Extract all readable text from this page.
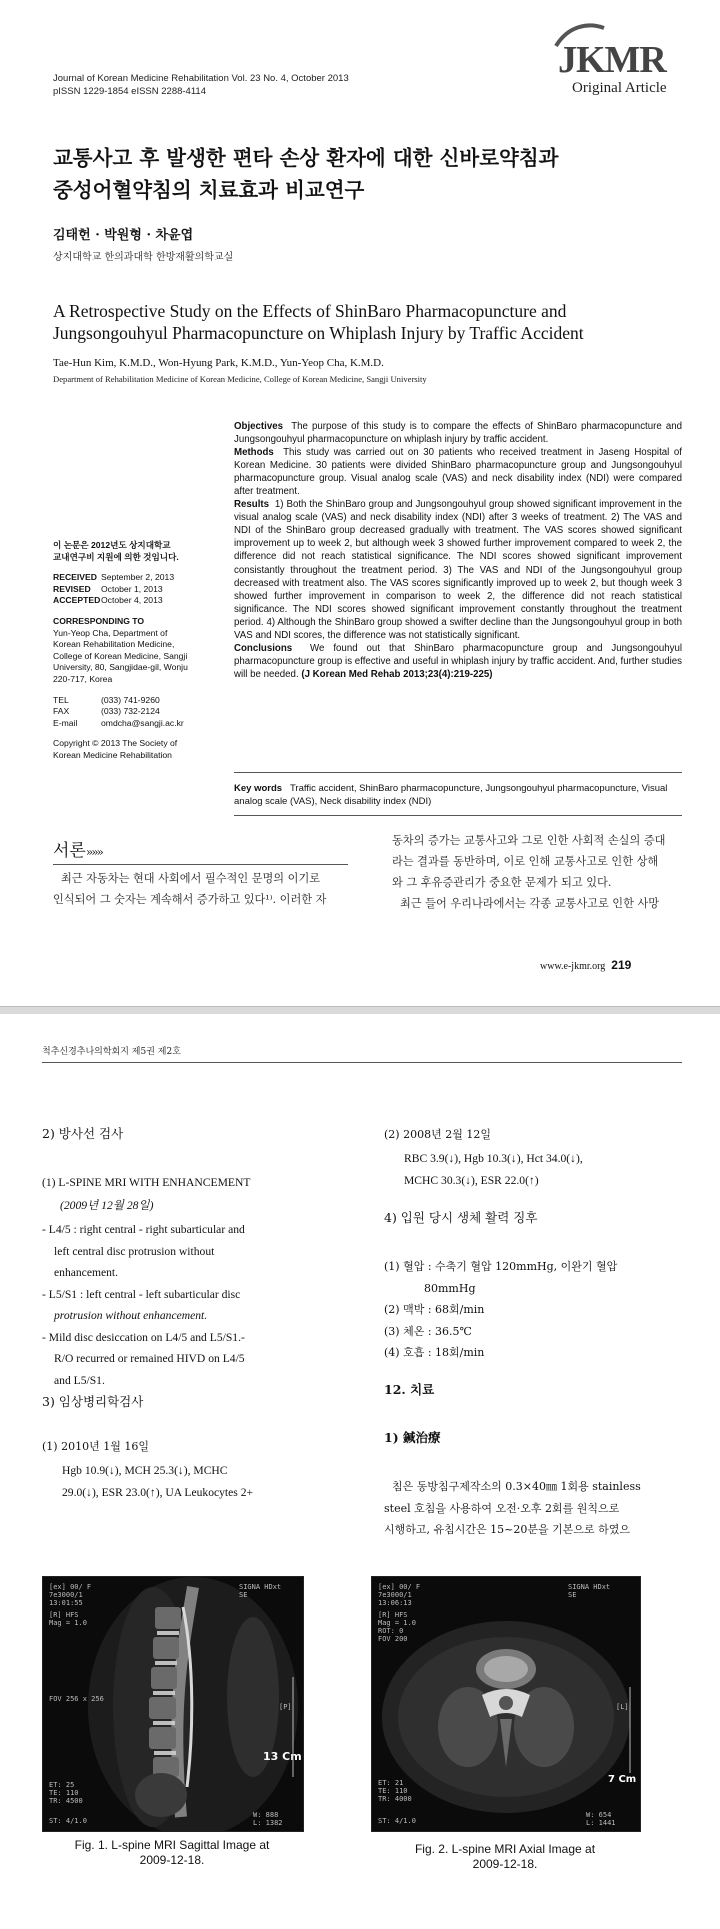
Journal of Korean Medicine Rehabilitation Vol. 23 No. 4, October 2013
pISSN 1229-1854 eISSN 2288-4114
JKMR
Original Article
교통사고 후 발생한 편타 손상 환자에 대한 신바로약침과
중성어혈약침의 치료효과 비교연구
김태헌 · 박원형 · 차윤엽
상지대학교 한의과대학 한방재활의학교실
A Retrospective Study on the Effects of ShinBaro Pharmacopuncture and
Jungsongouhyul Pharmacopuncture on Whiplash Injury by Traffic Accident
Tae-Hun Kim, K.M.D., Won-Hyung Park, K.M.D., Yun-Yeop Cha, K.M.D.
Department of Rehabilitation Medicine of Korean Medicine, College of Korean Medicine, Sangji University
Objectives The purpose of this study is to compare the effects of ShinBaro pharmacopuncture and Jungsongouhyul pharmacopuncture on whiplash injury by traffic accident.
Methods This study was carried out on 30 patients who received treatment in Jaseng Hospital of Korean Medicine. 30 patients were divided ShinBaro pharmacopuncture group and Jungsongouhyul pharmacopuncture group. Visual analog scale (VAS) and neck disability index (NDI) were compared after treatment.
Results 1) Both the ShinBaro group and Jungsongouhyul group showed significant improvement in the visual analog scale (VAS) and neck disability index (NDI) after 3 weeks of treatment. 2) The VAS and NDI of the ShinBaro group decreased gradually with treatment. The VAS scores showed significant improvement up to week 2, but although week 3 showed further improvement compared to week 2, the difference did not reach statistical significance. The NDI scores showed significant improvement consistantly throughout the treatment period. 3) The VAS and NDI of the Jungsongouhyul group decreased with treatment also. The VAS scores significantly improved up to week 2, but though week 3 showed further improvement in comparison to week 2, the difference did not reach statistical significance. The NDI scores showed significant improvement constantly throughout the treatment period. 4) Although the ShinBaro group showed a swifter decline than the Jungsongouhyul group in both VAS and NDI scores, the difference was not statistically significant.
Conclusions We found out that ShinBaro pharmacopuncture group and Jungsongouhyul pharmacopuncture group is effective and useful in whiplash injury by traffic accident. And, further studies will be needed. (J Korean Med Rehab 2013;23(4):219-225)
이 논문은 2012년도 상지대학교
교내연구비 지원에 의한 것임니다.
RECEIVED September 2, 2013
REVISED	October 1, 2013
ACCEPTED October 4, 2013
CORRESPONDING TO
Yun-Yeop Cha, Department of
Korean Rehabilitation Medicine,
College of Korean Medicine, Sangji
University, 80, Sangjidae-gil, Wonju
220-717, Korea
TEL	(033) 741-9260
FAX	(033) 732-2124
E-mail	omdcha@sangji.ac.kr
Copyright © 2013 The Society of
Korean Medicine Rehabilitation
Key words Traffic accident, ShinBaro pharmacopuncture, Jungsongouhyul pharmacopuncture, Visual analog scale (VAS), Neck disability index (NDI)
서론»»»
최근 자동차는 현대 사회에서 필수적인 문명의 이기로
인식되어 그 숫자는 계속해서 증가하고 있다¹⁾. 이러한 자
동차의 증가는 교통사고와 그로 인한 사회적 손실의 증대
라는 결과를 동반하며, 이로 인해 교통사고로 인한 상해
와 그 후유증관리가 중요한 문제가 되고 있다.
최근 들어 우리나라에서는 각종 교통사고로 인한 사망
www.e-jkmr.org 219
척추신경추나의학회지 제5권 제2호
2) 방사선 검사
(1) L-SPINE MRI WITH ENHANCEMENT
(2009년 12월 28일)
- L4/5 : right central - right subarticular and
left central disc protrusion without
enhancement.
- L5/S1 : left central - left subarticular disc
protrusion without enhancement.
- Mild disc desiccation on L4/5 and L5/S1.-
R/O recurred or remained HIVD on L4/5
and L5/S1.
3) 임상병리학검사
(1) 2010년 1월 16일
Hgb 10.9(↓), MCH 25.3(↓), MCHC
29.0(↓), ESR 23.0(↑), UA Leukocytes 2+
(2) 2008년 2월 12일
RBC 3.9(↓), Hgb 10.3(↓), Hct 34.0(↓),
MCHC 30.3(↓), ESR 22.0(↑)
4) 입원 당시 생체 활력 징후
(1) 혈압 : 수축기 혈압 120mmHg, 이완기 혈압
80mmHg
(2) 맥박 : 68회/min
(3) 체온 : 36.5℃
(4) 호흡 : 18회/min
12. 치료
1) 鍼治療
침은 동방침구제작소의 0.3×40㎜ 1회용 stainless
steel 호침을 사용하여 오전·오후 2회를 원칙으로
시행하고, 유침시간은 15~20분을 기본으로 하였으
[ex] 00/ F
7e3000/1
13:01:55
[R] HFS
Mag = 1.0
FOV 256 x 256
ET: 25
TE: 110
TR: 4500
ST: 4/1.0
SIGNA HDxt
SE
[P]
W: 888
L: 1382
13 Cm
Fig. 1. L-spine MRI Sagittal Image at
2009-12-18.
[ex] 00/ F
7e3000/1
13:06:13
[R] HFS
Mag = 1.0
ROT: 0
FOV 200
ET: 21
TE: 110
TR: 4000
ST: 4/1.0
SIGNA HDxt
SE
[L]
W: 654
L: 1441
7 Cm
Fig. 2. L-spine MRI Axial Image at
2009-12-18.
